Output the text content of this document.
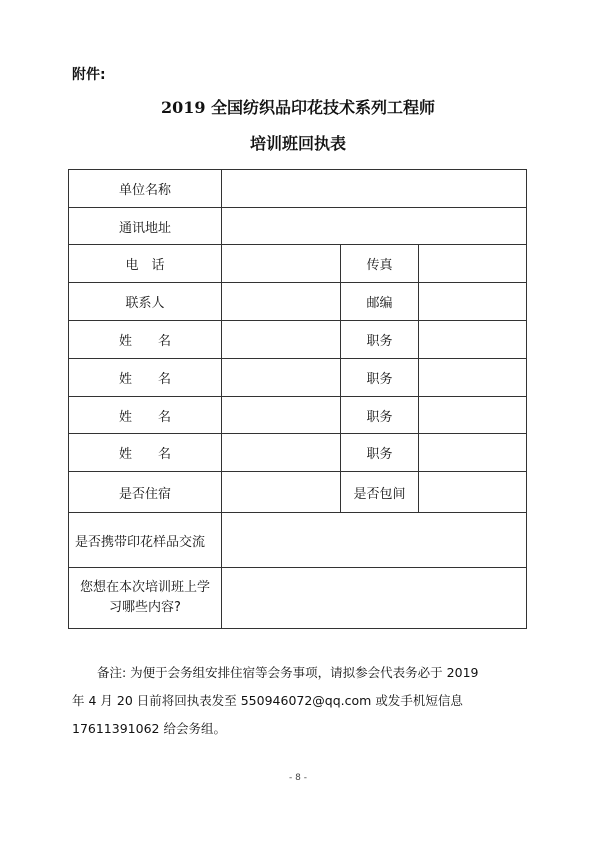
附件:
2019 全国纺织品印花技术系列工程师
培训班回执表
单位名称
通讯地址
电　话	传真
联系人	邮编
姓　　名	职务
姓　　名	职务
姓　　名	职务
姓　　名	职务
是否住宿	是否包间
是否携带印花样品交流
您想在本次培训班上学
习哪些内容?

备注: 为便于会务组安排住宿等会务事项，请拟参会代表务必于 2019

年 4 月 20 日前将回执表发至 550946072@qq.com 或发手机短信息

17611391062 给会务组。

- 8 -
